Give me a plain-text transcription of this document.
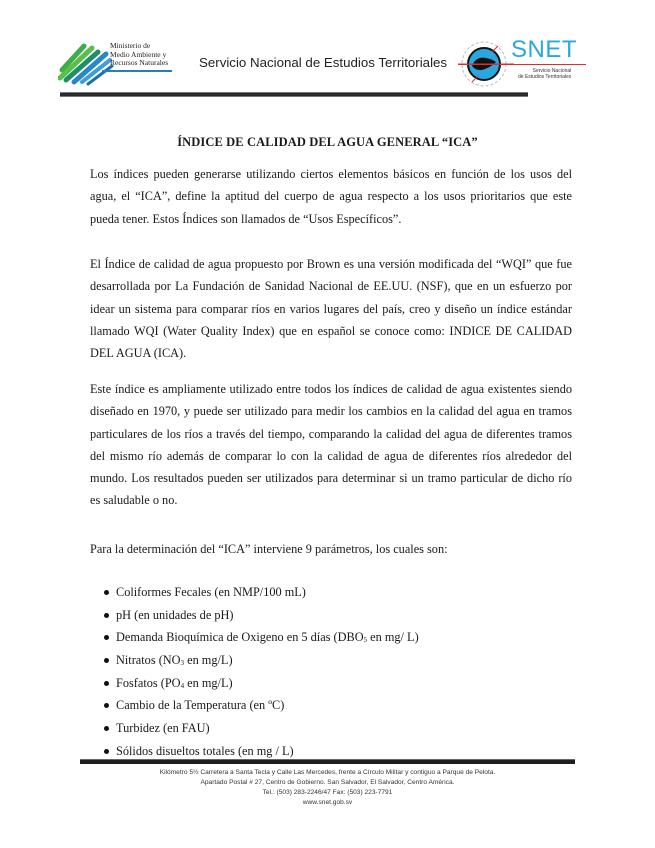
Ministerio de
Medio Ambiente y
Recursos Naturales Servicio Nacional de Estudios Territoriales	SNET
Servicio Nacional
de Estudios Territoriales
ÍNDICE DE CALIDAD DEL AGUA GENERAL “ICA”

Los índices pueden generarse utilizando ciertos elementos básicos en función de los usos del agua, el “ICA”, define la aptitud del cuerpo de agua respecto a los usos prioritarios que este pueda tener. Estos Índices son llamados de “Usos Específicos”.

El Índice de calidad de agua propuesto por Brown es una versión modificada del “WQI” que fue desarrollada por La Fundación de Sanidad Nacional de EE.UU. (NSF), que en un esfuerzo por idear un sistema para comparar ríos en varios lugares del país, creo y diseño un índice estándar llamado WQI (Water Quality Index) que en español se conoce como: INDICE DE CALIDAD DEL AGUA (ICA).

Este índice es ampliamente utilizado entre todos los índices de calidad de agua existentes siendo diseñado en 1970, y puede ser utilizado para medir los cambios en la calidad del agua en tramos particulares de los ríos a través del tiempo, comparando la calidad del agua de diferentes tramos del mismo río además de comparar lo con la calidad de agua de diferentes ríos alrededor del mundo. Los resultados pueden ser utilizados para determinar si un tramo particular de dicho río es saludable o no.

Para la determinación del “ICA” interviene 9 parámetros, los cuales son:

Coliformes Fecales (en NMP/100 mL)
pH (en unidades de pH)
Demanda Bioquímica de Oxigeno en 5 días ($DBO_5$ en mg/ L)
Nitratos ($NO_3$ en mg/L)
Fosfatos ($PO_4$ en mg/L)
Cambio de la Temperatura (en ºC)
Turbidez (en FAU)
Sólidos disueltos totales (en mg / L)
Kilómetro 5½ Carretera a Santa Tecla y Calle Las Mercedes, frente a Círculo Militar y contiguo a Parque de Pelota.
Apartado Postal # 27, Centro de Gobierno. San Salvador, El Salvador, Centro América.
Tel.: (503) 283-2246/47 Fax: (503) 223-7791
www.snet.gob.sv
